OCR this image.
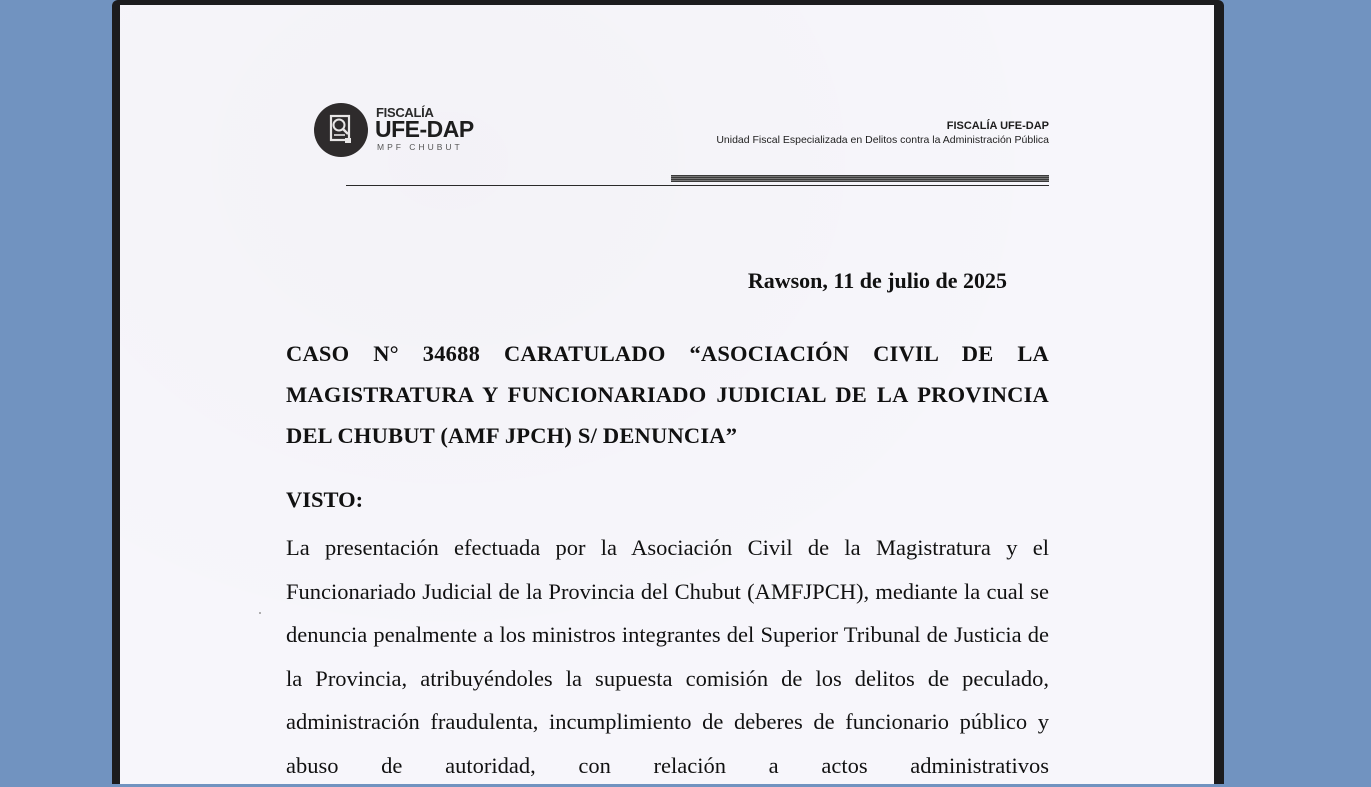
FISCALÍA
UFE-DAP
MPF CHUBUT
FISCALÍA UFE-DAP
Unidad Fiscal Especializada en Delitos contra la Administración Pública
Rawson, 11 de julio de 2025
CASO N° 34688 CARATULADO “ASOCIACIÓN CIVIL DE LA MAGISTRATURA Y FUNCIONARIADO JUDICIAL DE LA PROVINCIA DEL CHUBUT (AMF JPCH) S/ DENUNCIA”
VISTO:
La presentación efectuada por la Asociación Civil de la Magistratura y el Funcionariado Judicial de la Provincia del Chubut (AMFJPCH), mediante la cual se denuncia penalmente a los ministros integrantes del Superior Tribunal de Justicia de la Provincia, atribuyéndoles la supuesta comisión de los delitos de peculado, administración fraudulenta, incumplimiento de deberes de funcionario público y abuso de autoridad, con relación a actos administrativos
